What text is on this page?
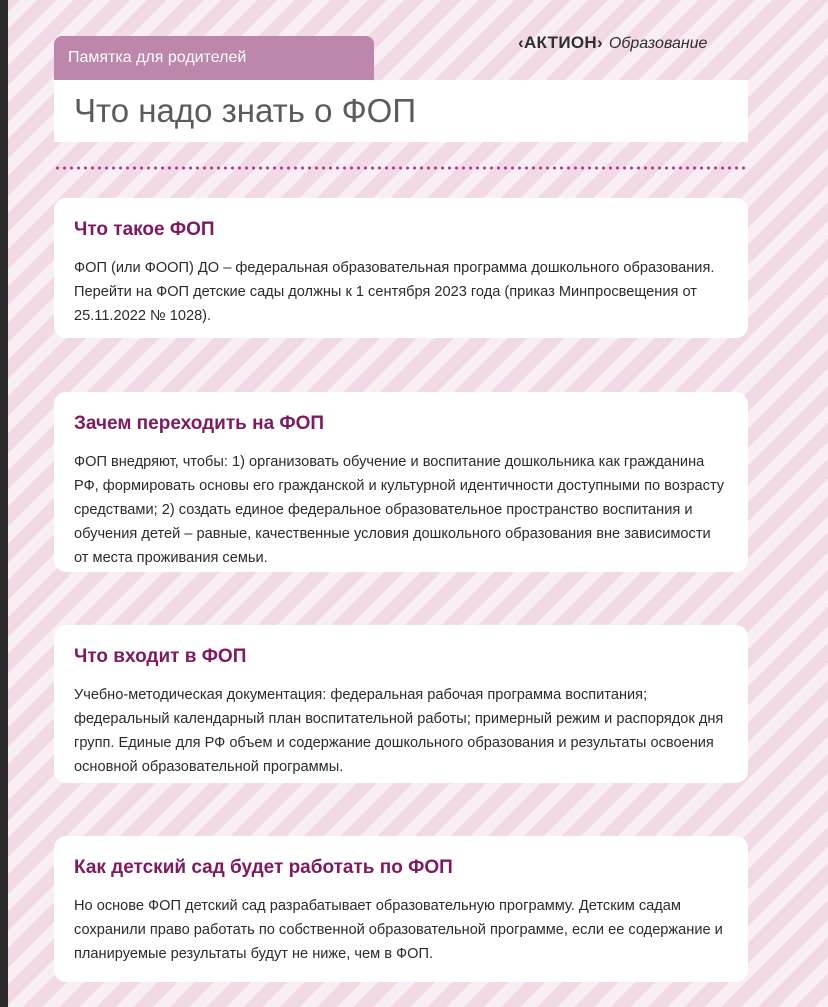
Памятка для родителей
‹АКТИОН› Образование
Что надо знать о ФОП
Что такое ФОП

ФОП (или ФООП) ДО – федеральная образовательная программа дошкольного образования. Перейти на ФОП детские сады должны к 1 сентября 2023 года (приказ Минпросвещения от 25.11.2022 № 1028).

Зачем переходить на ФОП

ФОП внедряют, чтобы: 1) организовать обучение и воспитание дошкольника как гражданина РФ, формировать основы его гражданской и культурной идентичности доступными по возрасту средствами; 2) создать единое федеральное образовательное пространство воспитания и обучения детей – равные, качественные условия дошкольного образования вне зависимости от места проживания семьи.

Что входит в ФОП

Учебно-методическая документация: федеральная рабочая программа воспитания; федеральный календарный план воспитательной работы; примерный режим и распорядок дня групп. Единые для РФ объем и содержание дошкольного образования и результаты освоения основной образовательной программы.

Как детский сад будет работать по ФОП

Но основе ФОП детский сад разрабатывает образовательную программу. Детским садам сохранили право работать по собственной образовательной программе, если ее содержание и планируемые результаты будут не ниже, чем в ФОП.
